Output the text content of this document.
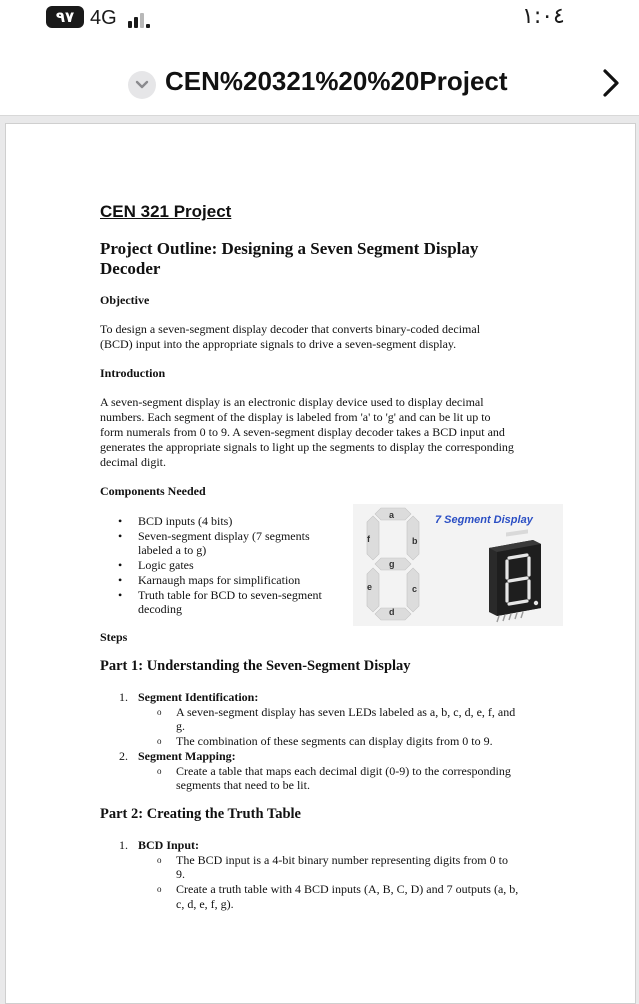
٩٧ 4G	١:٠٤
CEN%20321%20%20Project
CEN 321 Project
Project Outline: Designing a Seven Segment Display Decoder
Objective
To design a seven-segment display decoder that converts binary-coded decimal
(BCD) input into the appropriate signals to drive a seven-segment display.
Introduction
A seven-segment display is an electronic display device used to display decimal
numbers. Each segment of the display is labeled from 'a' to 'g' and can be lit up to
form numerals from 0 to 9. A seven-segment display decoder takes a BCD input and
generates the appropriate signals to light up the segments to display the corresponding
decimal digit.
Components Needed
• BCD inputs (4 bits)
• Seven-segment display (7 segments
labeled a to g)
• Logic gates
• Karnaugh maps for simplification
• Truth table for BCD to seven-segment
decoding
a
b
c
d
e
f
g
7 Segment Display
Steps
Part 1: Understanding the Seven-Segment Display
1. Segment Identification:
o A seven-segment display has seven LEDs labeled as a, b, c, d, e, f, and
g.
o The combination of these segments can display digits from 0 to 9.
2. Segment Mapping:
o Create a table that maps each decimal digit (0-9) to the corresponding
segments that need to be lit.
Part 2: Creating the Truth Table
1. BCD Input:
o The BCD input is a 4-bit binary number representing digits from 0 to
9.
o Create a truth table with 4 BCD inputs (A, B, C, D) and 7 outputs (a, b,
c, d, e, f, g).
